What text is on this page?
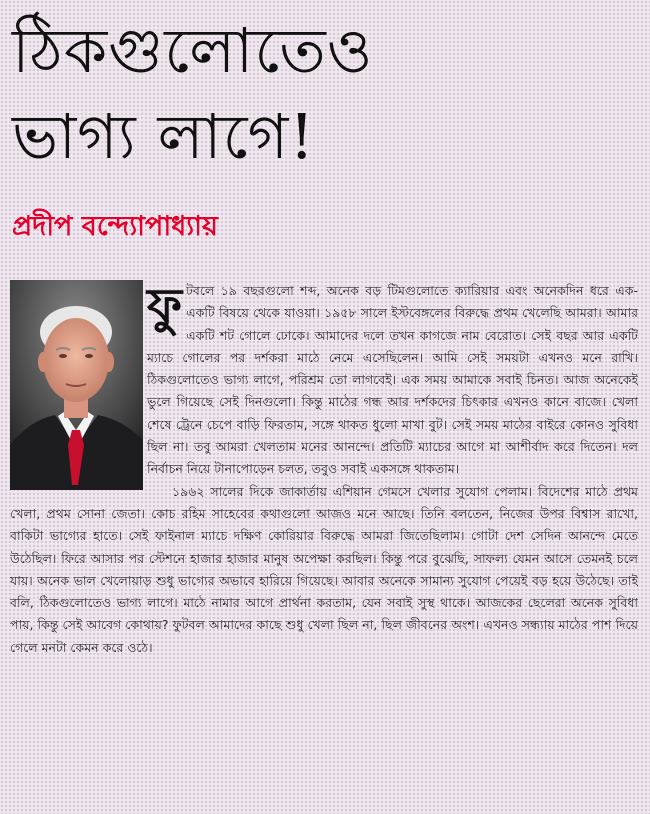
ঠিকগুলোতেও
ভাগ্য লাগে!
প্রদীপ বন্দ্যোপাধ্যায়
ফু টবলে ১৯ বছরগুলো শব্দ, অনেক বড় টিমগুলোতে ক্যারিয়ার এবং অনেকদিন ধরে এক-একটি বিষয়ে থেকে যাওয়া। ১৯৫৮ সালে ইস্টবেঙ্গলের বিরুদ্ধে প্রথম খেলেছি আমরা। আমার একটি শট গোলে ঢোকে। আমাদের দলে তখন কাগজে নাম বেরোত। সেই বছর আর একটি ম্যাচে গোলের পর দর্শকরা মাঠে নেমে এসেছিলেন। আমি সেই সময়টা এখনও মনে রাখি। ঠিকগুলোতেও ভাগ্য লাগে, পরিশ্রম তো লাগবেই। এক সময় আমাকে সবাই চিনত। আজ অনেকেই ভুলে গিয়েছে সেই দিনগুলো। কিন্তু মাঠের গন্ধ আর দর্শকদের চিৎকার এখনও কানে বাজে। খেলা শেষে ট্রেনে চেপে বাড়ি ফিরতাম, সঙ্গে থাকত ধুলো মাখা বুট। সেই সময় মাঠের বাইরে কোনও সুবিধা ছিল না। তবু আমরা খেলতাম মনের আনন্দে। প্রতিটি ম্যাচের আগে মা আশীর্বাদ করে দিতেন। দল নির্বাচন নিয়ে টানাপোড়েন চলত, তবুও সবাই একসঙ্গে থাকতাম।

১৯৬২ সালের দিকে জাকার্তায় এশিয়ান গেমসে খেলার সুযোগ পেলাম। বিদেশের মাঠে প্রথম খেলা, প্রথম সোনা জেতা। কোচ রহিম সাহেবের কথাগুলো আজও মনে আছে। তিনি বলতেন, নিজের উপর বিশ্বাস রাখো, বাকিটা ভাগ্যের হাতে। সেই ফাইনাল ম্যাচে দক্ষিণ কোরিয়ার বিরুদ্ধে আমরা জিতেছিলাম। গোটা দেশ সেদিন আনন্দে মেতে উঠেছিল। ফিরে আসার পর স্টেশনে হাজার হাজার মানুষ অপেক্ষা করছিল। কিন্তু পরে বুঝেছি, সাফল্য যেমন আসে তেমনই চলে যায়। অনেক ভাল খেলোয়াড় শুধু ভাগ্যের অভাবে হারিয়ে গিয়েছে। আবার অনেকে সামান্য সুযোগ পেয়েই বড় হয়ে উঠেছে। তাই বলি, ঠিকগুলোতেও ভাগ্য লাগে। মাঠে নামার আগে প্রার্থনা করতাম, যেন সবাই সুস্থ থাকে। আজকের ছেলেরা অনেক সুবিধা পায়, কিন্তু সেই আবেগ কোথায়? ফুটবল আমাদের কাছে শুধু খেলা ছিল না, ছিল জীবনের অংশ। এখনও সন্ধ্যায় মাঠের পাশ দিয়ে গেলে মনটা কেমন করে ওঠে।
